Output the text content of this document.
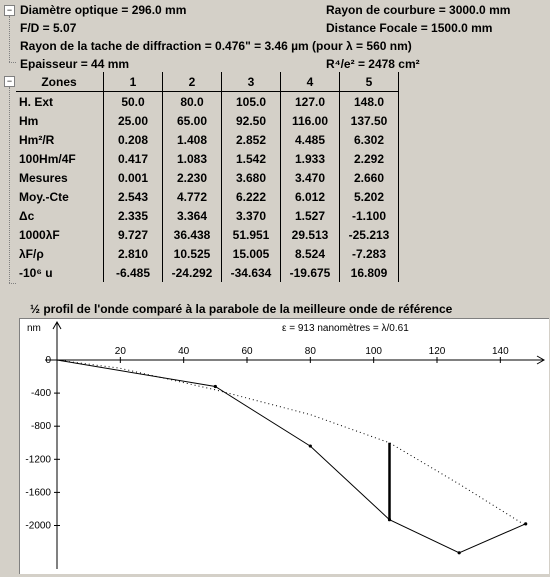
− Diamètre optique = 296.0 mm
F/D = 5.07
Rayon de la tache de diffraction = 0.476" = 3.46 µm (pour λ = 560 nm)
Epaisseur = 44 mm
Rayon de courbure = 3000.0 mm
Distance Focale = 1500.0 mm
R⁴/e² = 2478 cm²
− Zones	1	2	3	4	5
H. Ext	50.0	80.0	105.0	127.0	148.0
Hm	25.00	65.00	92.50	116.00	137.50
Hm²/R	0.208	1.408	2.852	4.485	6.302
100Hm/4F	0.417	1.083	1.542	1.933	2.292
Mesures	0.001	2.230	3.680	3.470	2.660
Moy.-Cte	2.543	4.772	6.222	6.012	5.202
Δc	2.335	3.364	3.370	1.527	-1.100
1000λF	9.727	36.438	51.951	29.513	-25.213
λF/ρ	2.810	10.525	15.005	8.524	-7.283
-10⁶ u	-6.485	-24.292	-34.634	-19.675	16.809
½ profil de l'onde comparé à la parabole de la meilleure onde de référence
nm	ε = 913 nanomètres = λ/0.61
20	40	60	80	100	120	140
0
-400
-800
-1200
-1600
-2000
